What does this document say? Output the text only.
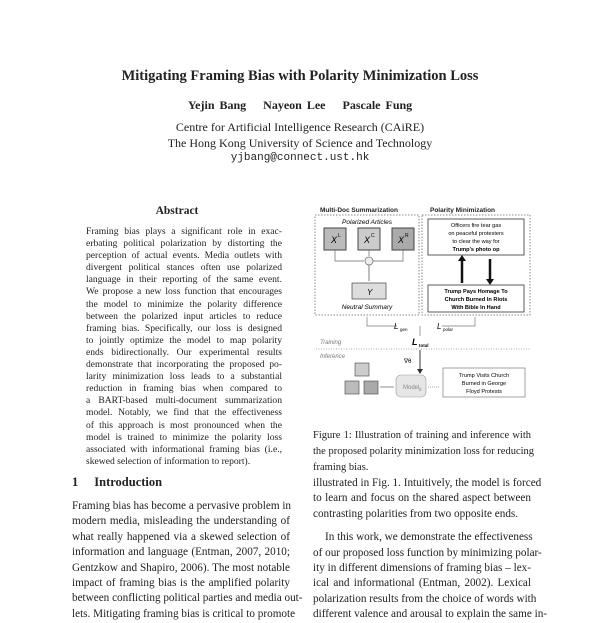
Mitigating Framing Bias with Polarity Minimization Loss
Yejin Bang Nayeon Lee Pascale Fung
Centre for Artificial Intelligence Research (CAiRE)
The Hong Kong University of Science and Technology
yjbang@connect.ust.hk
Abstract
Framing bias plays a significant role in exac-
erbating political polarization by distorting the
perception of actual events. Media outlets with
divergent political stances often use polarized
language in their reporting of the same event.
We propose a new loss function that encourages
the model to minimize the polarity difference
between the polarized input articles to reduce
framing bias. Specifically, our loss is designed
to jointly optimize the model to map polarity
ends bidirectionally. Our experimental results
demonstrate that incorporating the proposed po-
larity minimization loss leads to a substantial
reduction in framing bias when compared to
a BART-based multi-document summarization
model. Notably, we find that the effectiveness
of this approach is most pronounced when the
model is trained to minimize the polarity loss
associated with informational framing bias (i.e.,
skewed selection of information to report).
Multi-Doc Summarization	Polarity Minimization
Polarized Articles
X L	X C	X R
Y
Neutral Summary
Officers fire tear gas
on peaceful protesters
to clear the way for
Trump's photo op
Trump Pays Homage To
Church Burned In Riots
With Bible In Hand
L gen	L polar
L total
Training
Inference
∇θ
Model θ
Trump Visits Church
Burned in George
Floyd Protests
Figure 1: Illustration of training and inference with
the proposed polarity minimization loss for reducing
framing bias.
1 Introduction
Framing bias has become a pervasive problem in
modern media, misleading the understanding of
what really happened via a skewed selection of
information and language (Entman, 2007, 2010;
Gentzkow and Shapiro, 2006). The most notable
impact of framing bias is the amplified polarity
between conflicting political parties and media out-
lets. Mitigating framing bias is critical to promote
illustrated in Fig. 1. Intuitively, the model is forced
to learn and focus on the shared aspect between
contrasting polarities from two opposite ends.
In this work, we demonstrate the effectiveness
of our proposed loss function by minimizing polar-
ity in different dimensions of framing bias – lex-
ical and informational (Entman, 2002). Lexical
polarization results from the choice of words with
different valence and arousal to explain the same in-
